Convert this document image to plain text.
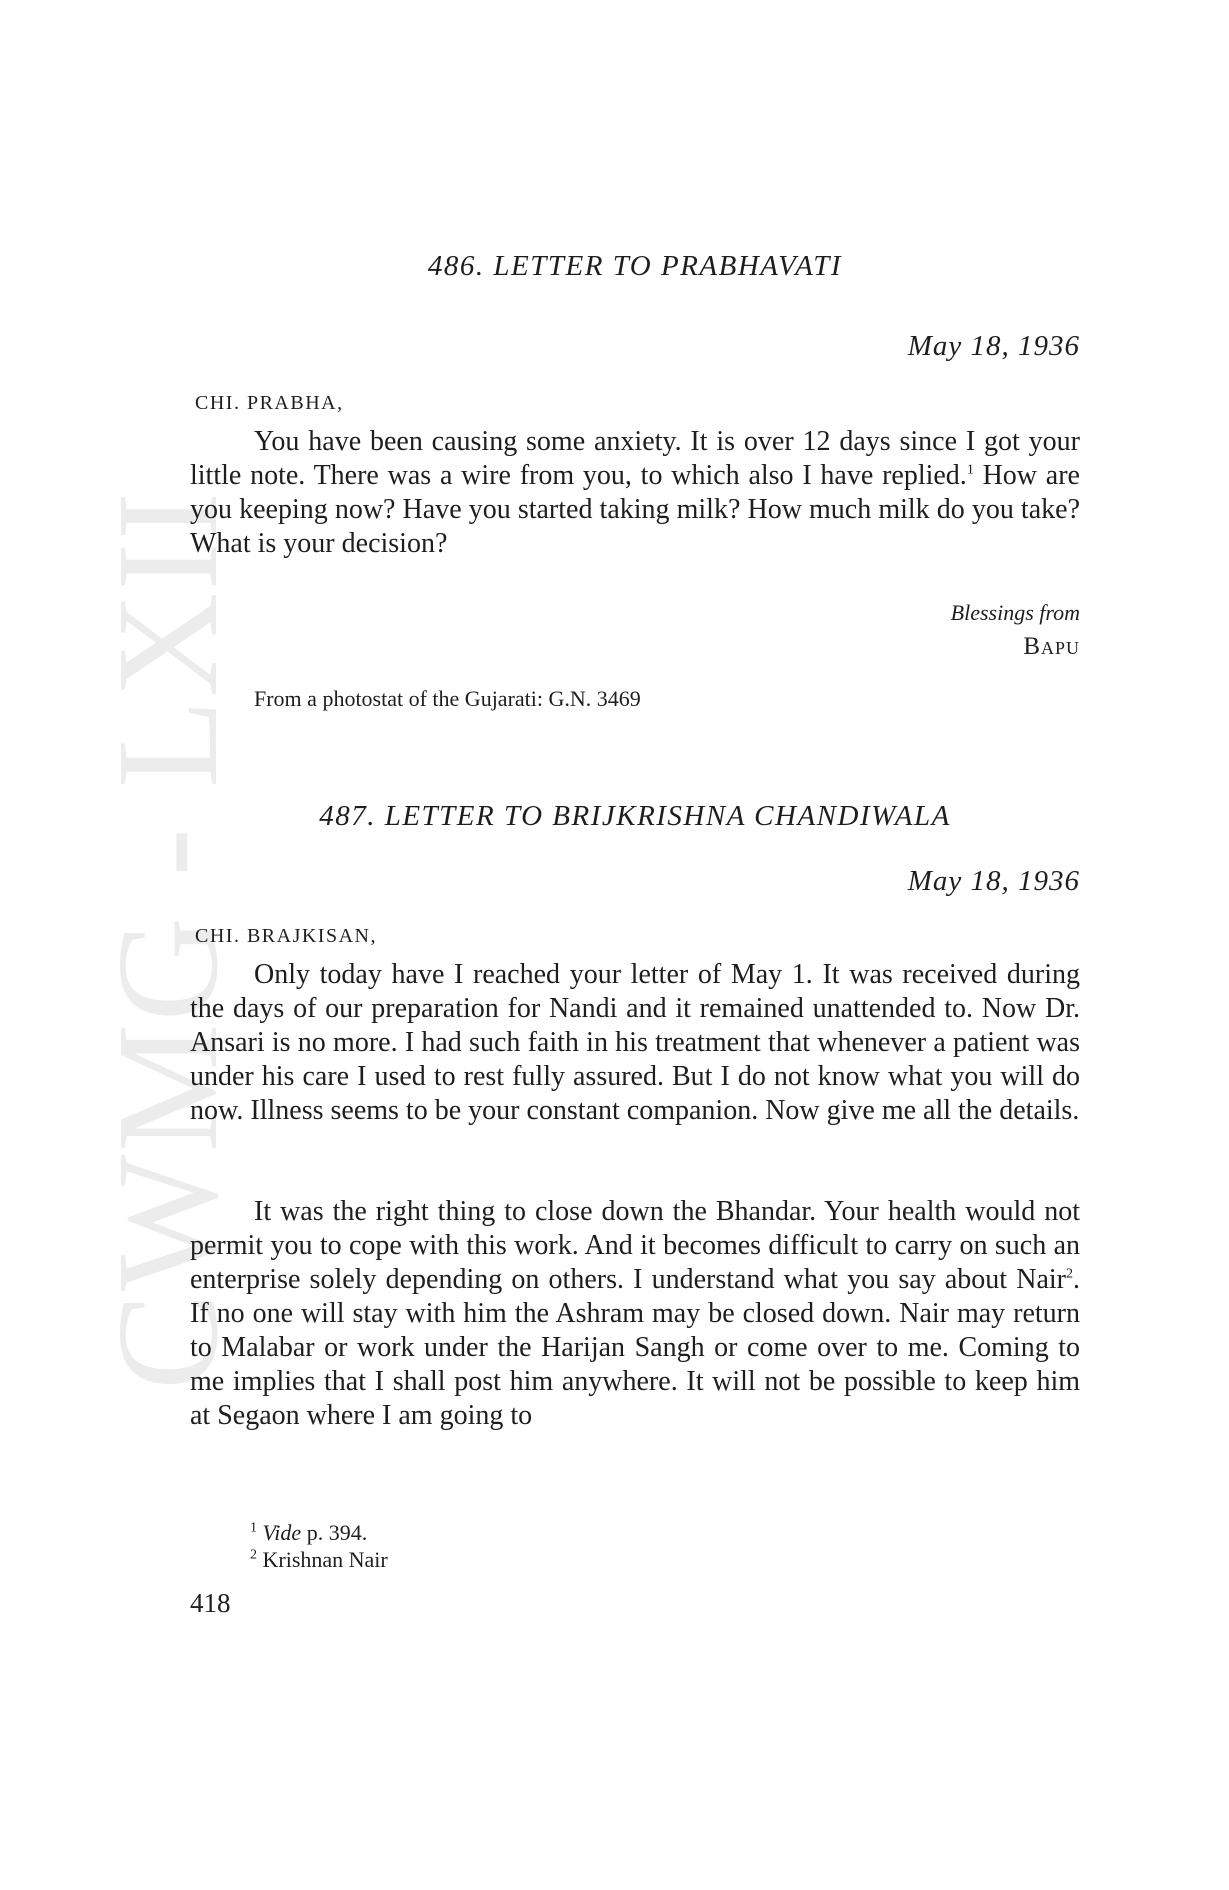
CWMG - LXII
486. LETTER TO PRABHAVATI
May 18, 1936
CHI. PRABHA,

You have been causing some anxiety. It is over 12 days since I got your little note. There was a wire from you, to which also I have replied.$^1$ How are you keeping now? Have you started taking milk? How much milk do you take? What is your decision?

Blessings from
Bapu
From a photostat of the Gujarati: G.N. 3469
487. LETTER TO BRIJKRISHNA CHANDIWALA
May 18, 1936
CHI. BRAJKISAN,

Only today have I reached your letter of May 1. It was received during the days of our preparation for Nandi and it remained unattended to. Now Dr. Ansari is no more. I had such faith in his treatment that whenever a patient was under his care I used to rest fully assured. But I do not know what you will do now. Illness seems to be your constant companion. Now give me all the details.

It was the right thing to close down the Bhandar. Your health would not permit you to cope with this work. And it becomes difficult to carry on such an enterprise solely depending on others. I understand what you say about Nair$^2$. If no one will stay with him the Ashram may be closed down. Nair may return to Malabar or work under the Harijan Sangh or come over to me. Coming to me implies that I shall post him anywhere. It will not be possible to keep him at Segaon where I am going to

$^1$ Vide p. 394.
$^2$ Krishnan Nair
418
